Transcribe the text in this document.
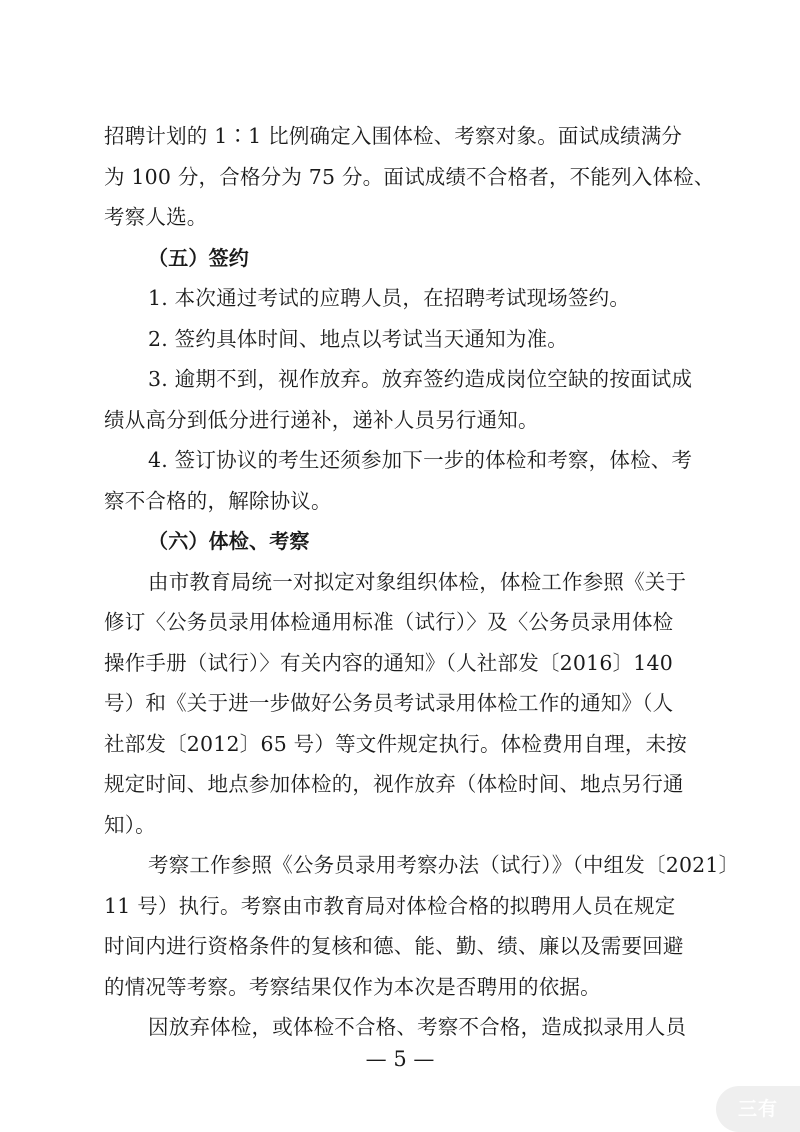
招聘计划的 1∶1 比例确定入围体检、考察对象。面试成绩满分
为 100 分，合格分为 75 分。面试成绩不合格者，不能列入体检、
考察人选。
（五）签约
1. 本次通过考试的应聘人员，在招聘考试现场签约。
2. 签约具体时间、地点以考试当天通知为准。
3. 逾期不到，视作放弃。放弃签约造成岗位空缺的按面试成
绩从高分到低分进行递补，递补人员另行通知。
4. 签订协议的考生还须参加下一步的体检和考察，体检、考
察不合格的，解除协议。
（六）体检、考察
由市教育局统一对拟定对象组织体检，体检工作参照《关于
修订〈公务员录用体检通用标准（试行）〉及〈公务员录用体检
操作手册（试行）〉有关内容的通知》（人社部发〔2016〕140
号）和《关于进一步做好公务员考试录用体检工作的通知》（人
社部发〔2012〕65 号）等文件规定执行。体检费用自理，未按
规定时间、地点参加体检的，视作放弃（体检时间、地点另行通
知）。
考察工作参照《公务员录用考察办法（试行）》（中组发〔2021〕
11 号）执行。考察由市教育局对体检合格的拟聘用人员在规定
时间内进行资格条件的复核和德、能、勤、绩、廉以及需要回避
的情况等考察。考察结果仅作为本次是否聘用的依据。
因放弃体检，或体检不合格、考察不合格，造成拟录用人员
— 5 —
三有
